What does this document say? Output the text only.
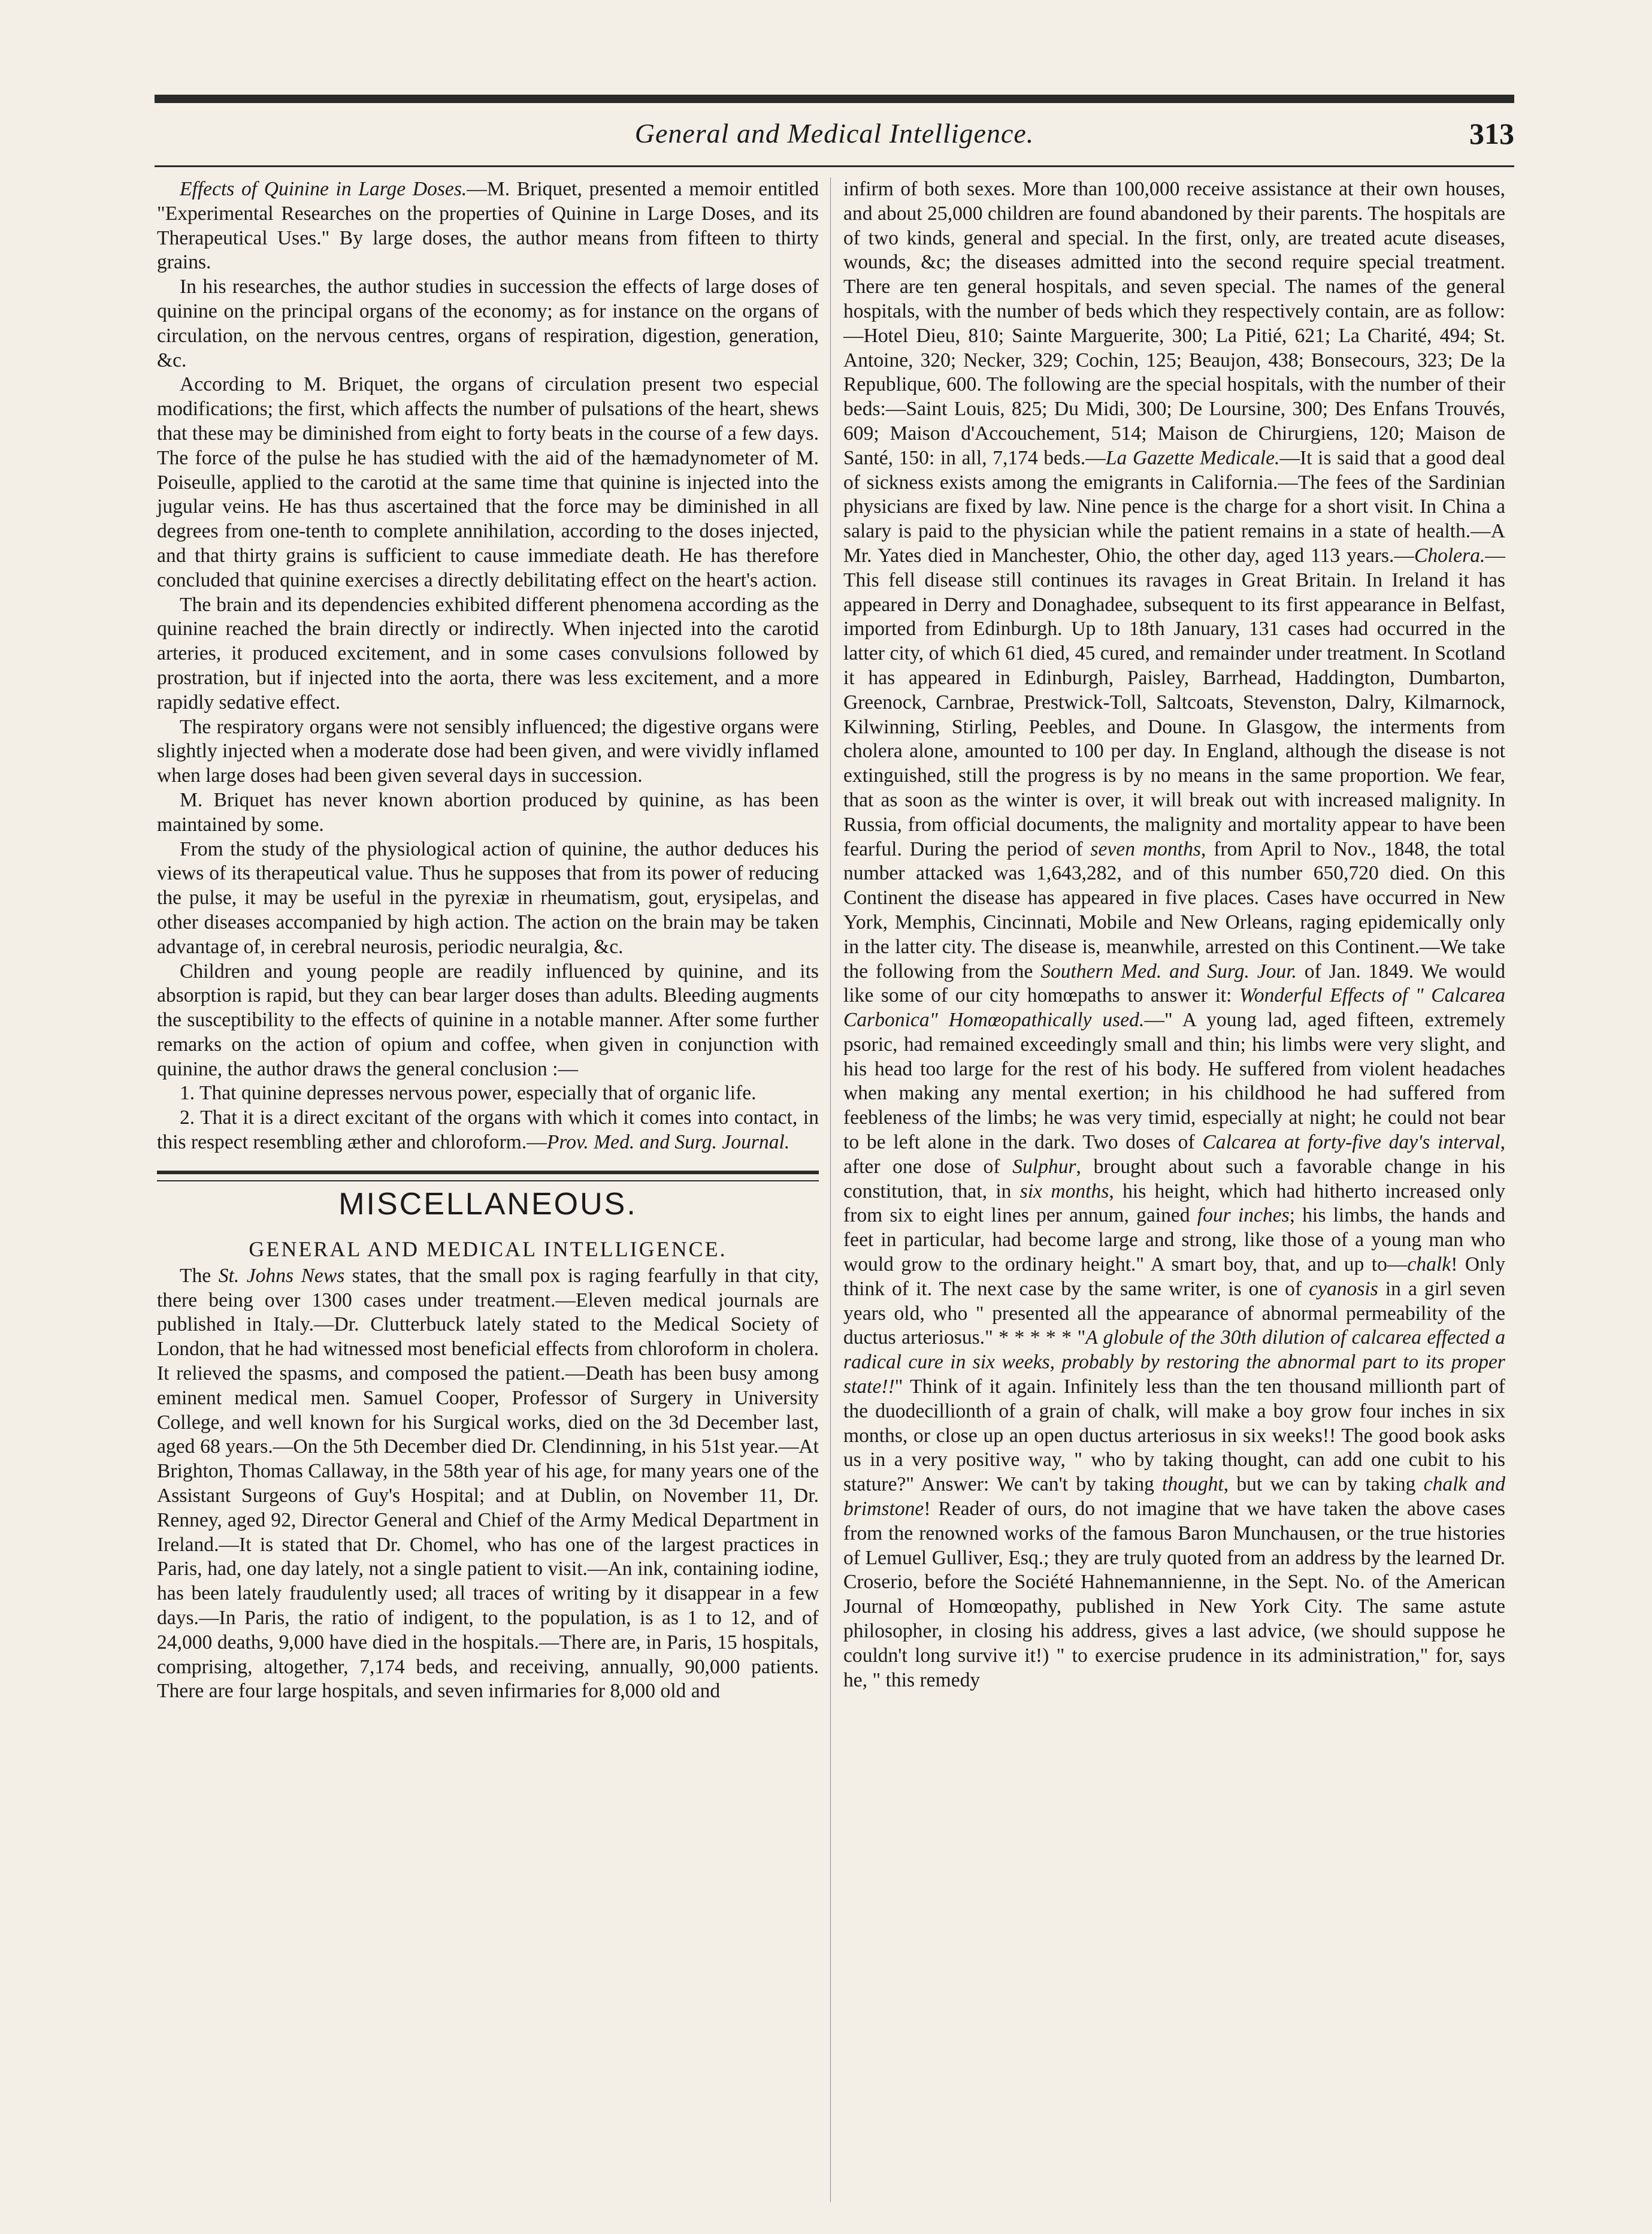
General and Medical Intelligence.	313

Effects of Quinine in Large Doses.—M. Briquet, presented a memoir entitled "Experimental Researches on the properties of Quinine in Large Doses, and its Therapeutical Uses." By large doses, the author means from fifteen to thirty grains.

In his researches, the author studies in succession the effects of large doses of quinine on the principal organs of the economy; as for instance on the organs of circulation, on the nervous centres, organs of respiration, digestion, generation, &c.

According to M. Briquet, the organs of circulation present two especial modifications; the first, which affects the number of pulsations of the heart, shews that these may be diminished from eight to forty beats in the course of a few days. The force of the pulse he has studied with the aid of the hæmadynometer of M. Poiseulle, applied to the carotid at the same time that quinine is injected into the jugular veins. He has thus ascertained that the force may be diminished in all degrees from one-tenth to complete annihilation, according to the doses injected, and that thirty grains is sufficient to cause immediate death. He has therefore concluded that quinine exercises a directly debilitating effect on the heart's action.

The brain and its dependencies exhibited different phenomena according as the quinine reached the brain directly or indirectly. When injected into the carotid arteries, it produced excitement, and in some cases convulsions followed by prostration, but if injected into the aorta, there was less excitement, and a more rapidly sedative effect.

The respiratory organs were not sensibly influenced; the digestive organs were slightly injected when a moderate dose had been given, and were vividly inflamed when large doses had been given several days in succession.

M. Briquet has never known abortion produced by quinine, as has been maintained by some.

From the study of the physiological action of quinine, the author deduces his views of its therapeutical value. Thus he supposes that from its power of reducing the pulse, it may be useful in the pyrexiæ in rheumatism, gout, erysipelas, and other diseases accompanied by high action. The action on the brain may be taken advantage of, in cerebral neurosis, periodic neuralgia, &c.

Children and young people are readily influenced by quinine, and its absorption is rapid, but they can bear larger doses than adults. Bleeding augments the susceptibility to the effects of quinine in a notable manner. After some further remarks on the action of opium and coffee, when given in conjunction with quinine, the author draws the general conclusion :—

1. That quinine depresses nervous power, especially that of organic life.

2. That it is a direct excitant of the organs with which it comes into contact, in this respect resembling æther and chloroform.—Prov. Med. and Surg. Journal.

MISCELLANEOUS.
GENERAL AND MEDICAL INTELLIGENCE.

The St. Johns News states, that the small pox is raging fearfully in that city, there being over 1300 cases under treatment.—Eleven medical journals are published in Italy.—Dr. Clutterbuck lately stated to the Medical Society of London, that he had witnessed most beneficial effects from chloroform in cholera. It relieved the spasms, and composed the patient.—Death has been busy among eminent medical men. Samuel Cooper, Professor of Surgery in University College, and well known for his Surgical works, died on the 3d December last, aged 68 years.—On the 5th December died Dr. Clendinning, in his 51st year.—At Brighton, Thomas Callaway, in the 58th year of his age, for many years one of the Assistant Surgeons of Guy's Hospital; and at Dublin, on November 11, Dr. Renney, aged 92, Director General and Chief of the Army Medical Department in Ireland.—It is stated that Dr. Chomel, who has one of the largest practices in Paris, had, one day lately, not a single patient to visit.—An ink, containing iodine, has been lately fraudulently used; all traces of writing by it disappear in a few days.—In Paris, the ratio of indigent, to the population, is as 1 to 12, and of 24,000 deaths, 9,000 have died in the hospitals.—There are, in Paris, 15 hospitals, comprising, altogether, 7,174 beds, and receiving, annually, 90,000 patients. There are four large hospitals, and seven infirmaries for 8,000 old and

infirm of both sexes. More than 100,000 receive assistance at their own houses, and about 25,000 children are found abandoned by their parents. The hospitals are of two kinds, general and special. In the first, only, are treated acute diseases, wounds, &c; the diseases admitted into the second require special treatment. There are ten general hospitals, and seven special. The names of the general hospitals, with the number of beds which they respectively contain, are as follow:—Hotel Dieu, 810; Sainte Marguerite, 300; La Pitié, 621; La Charité, 494; St. Antoine, 320; Necker, 329; Cochin, 125; Beaujon, 438; Bonsecours, 323; De la Republique, 600. The following are the special hospitals, with the number of their beds:—Saint Louis, 825; Du Midi, 300; De Loursine, 300; Des Enfans Trouvés, 609; Maison d'Accouchement, 514; Maison de Chirurgiens, 120; Maison de Santé, 150: in all, 7,174 beds.—La Gazette Medicale.—It is said that a good deal of sickness exists among the emigrants in California.—The fees of the Sardinian physicians are fixed by law. Nine pence is the charge for a short visit. In China a salary is paid to the physician while the patient remains in a state of health.—A Mr. Yates died in Manchester, Ohio, the other day, aged 113 years.—Cholera.—This fell disease still continues its ravages in Great Britain. In Ireland it has appeared in Derry and Donaghadee, subsequent to its first appearance in Belfast, imported from Edinburgh. Up to 18th January, 131 cases had occurred in the latter city, of which 61 died, 45 cured, and remainder under treatment. In Scotland it has appeared in Edinburgh, Paisley, Barrhead, Haddington, Dumbarton, Greenock, Carnbrae, Prestwick-Toll, Saltcoats, Stevenston, Dalry, Kilmarnock, Kilwinning, Stirling, Peebles, and Doune. In Glasgow, the interments from cholera alone, amounted to 100 per day. In England, although the disease is not extinguished, still the progress is by no means in the same proportion. We fear, that as soon as the winter is over, it will break out with increased malignity. In Russia, from official documents, the malignity and mortality appear to have been fearful. During the period of seven months, from April to Nov., 1848, the total number attacked was 1,643,282, and of this number 650,720 died. On this Continent the disease has appeared in five places. Cases have occurred in New York, Memphis, Cincinnati, Mobile and New Orleans, raging epidemically only in the latter city. The disease is, meanwhile, arrested on this Continent.—We take the following from the Southern Med. and Surg. Jour. of Jan. 1849. We would like some of our city homœpaths to answer it: Wonderful Effects of " Calcarea Carbonica" Homœopathically used.—" A young lad, aged fifteen, extremely psoric, had remained exceedingly small and thin; his limbs were very slight, and his head too large for the rest of his body. He suffered from violent headaches when making any mental exertion; in his childhood he had suffered from feebleness of the limbs; he was very timid, especially at night; he could not bear to be left alone in the dark. Two doses of Calcarea at forty-five day's interval, after one dose of Sulphur, brought about such a favorable change in his constitution, that, in six months, his height, which had hitherto increased only from six to eight lines per annum, gained four inches; his limbs, the hands and feet in particular, had become large and strong, like those of a young man who would grow to the ordinary height." A smart boy, that, and up to—chalk! Only think of it. The next case by the same writer, is one of cyanosis in a girl seven years old, who " presented all the appearance of abnormal permeability of the ductus arteriosus." * * * * * "A globule of the 30th dilution of calcarea effected a radical cure in six weeks, probably by restoring the abnormal part to its proper state!!" Think of it again. Infinitely less than the ten thousand millionth part of the duodecillionth of a grain of chalk, will make a boy grow four inches in six months, or close up an open ductus arteriosus in six weeks!! The good book asks us in a very positive way, " who by taking thought, can add one cubit to his stature?" Answer: We can't by taking thought, but we can by taking chalk and brimstone! Reader of ours, do not imagine that we have taken the above cases from the renowned works of the famous Baron Munchausen, or the true histories of Lemuel Gulliver, Esq.; they are truly quoted from an address by the learned Dr. Croserio, before the Société Hahnemannienne, in the Sept. No. of the American Journal of Homœopathy, published in New York City. The same astute philosopher, in closing his address, gives a last advice, (we should suppose he couldn't long survive it!) " to exercise prudence in its administration," for, says he, " this remedy
